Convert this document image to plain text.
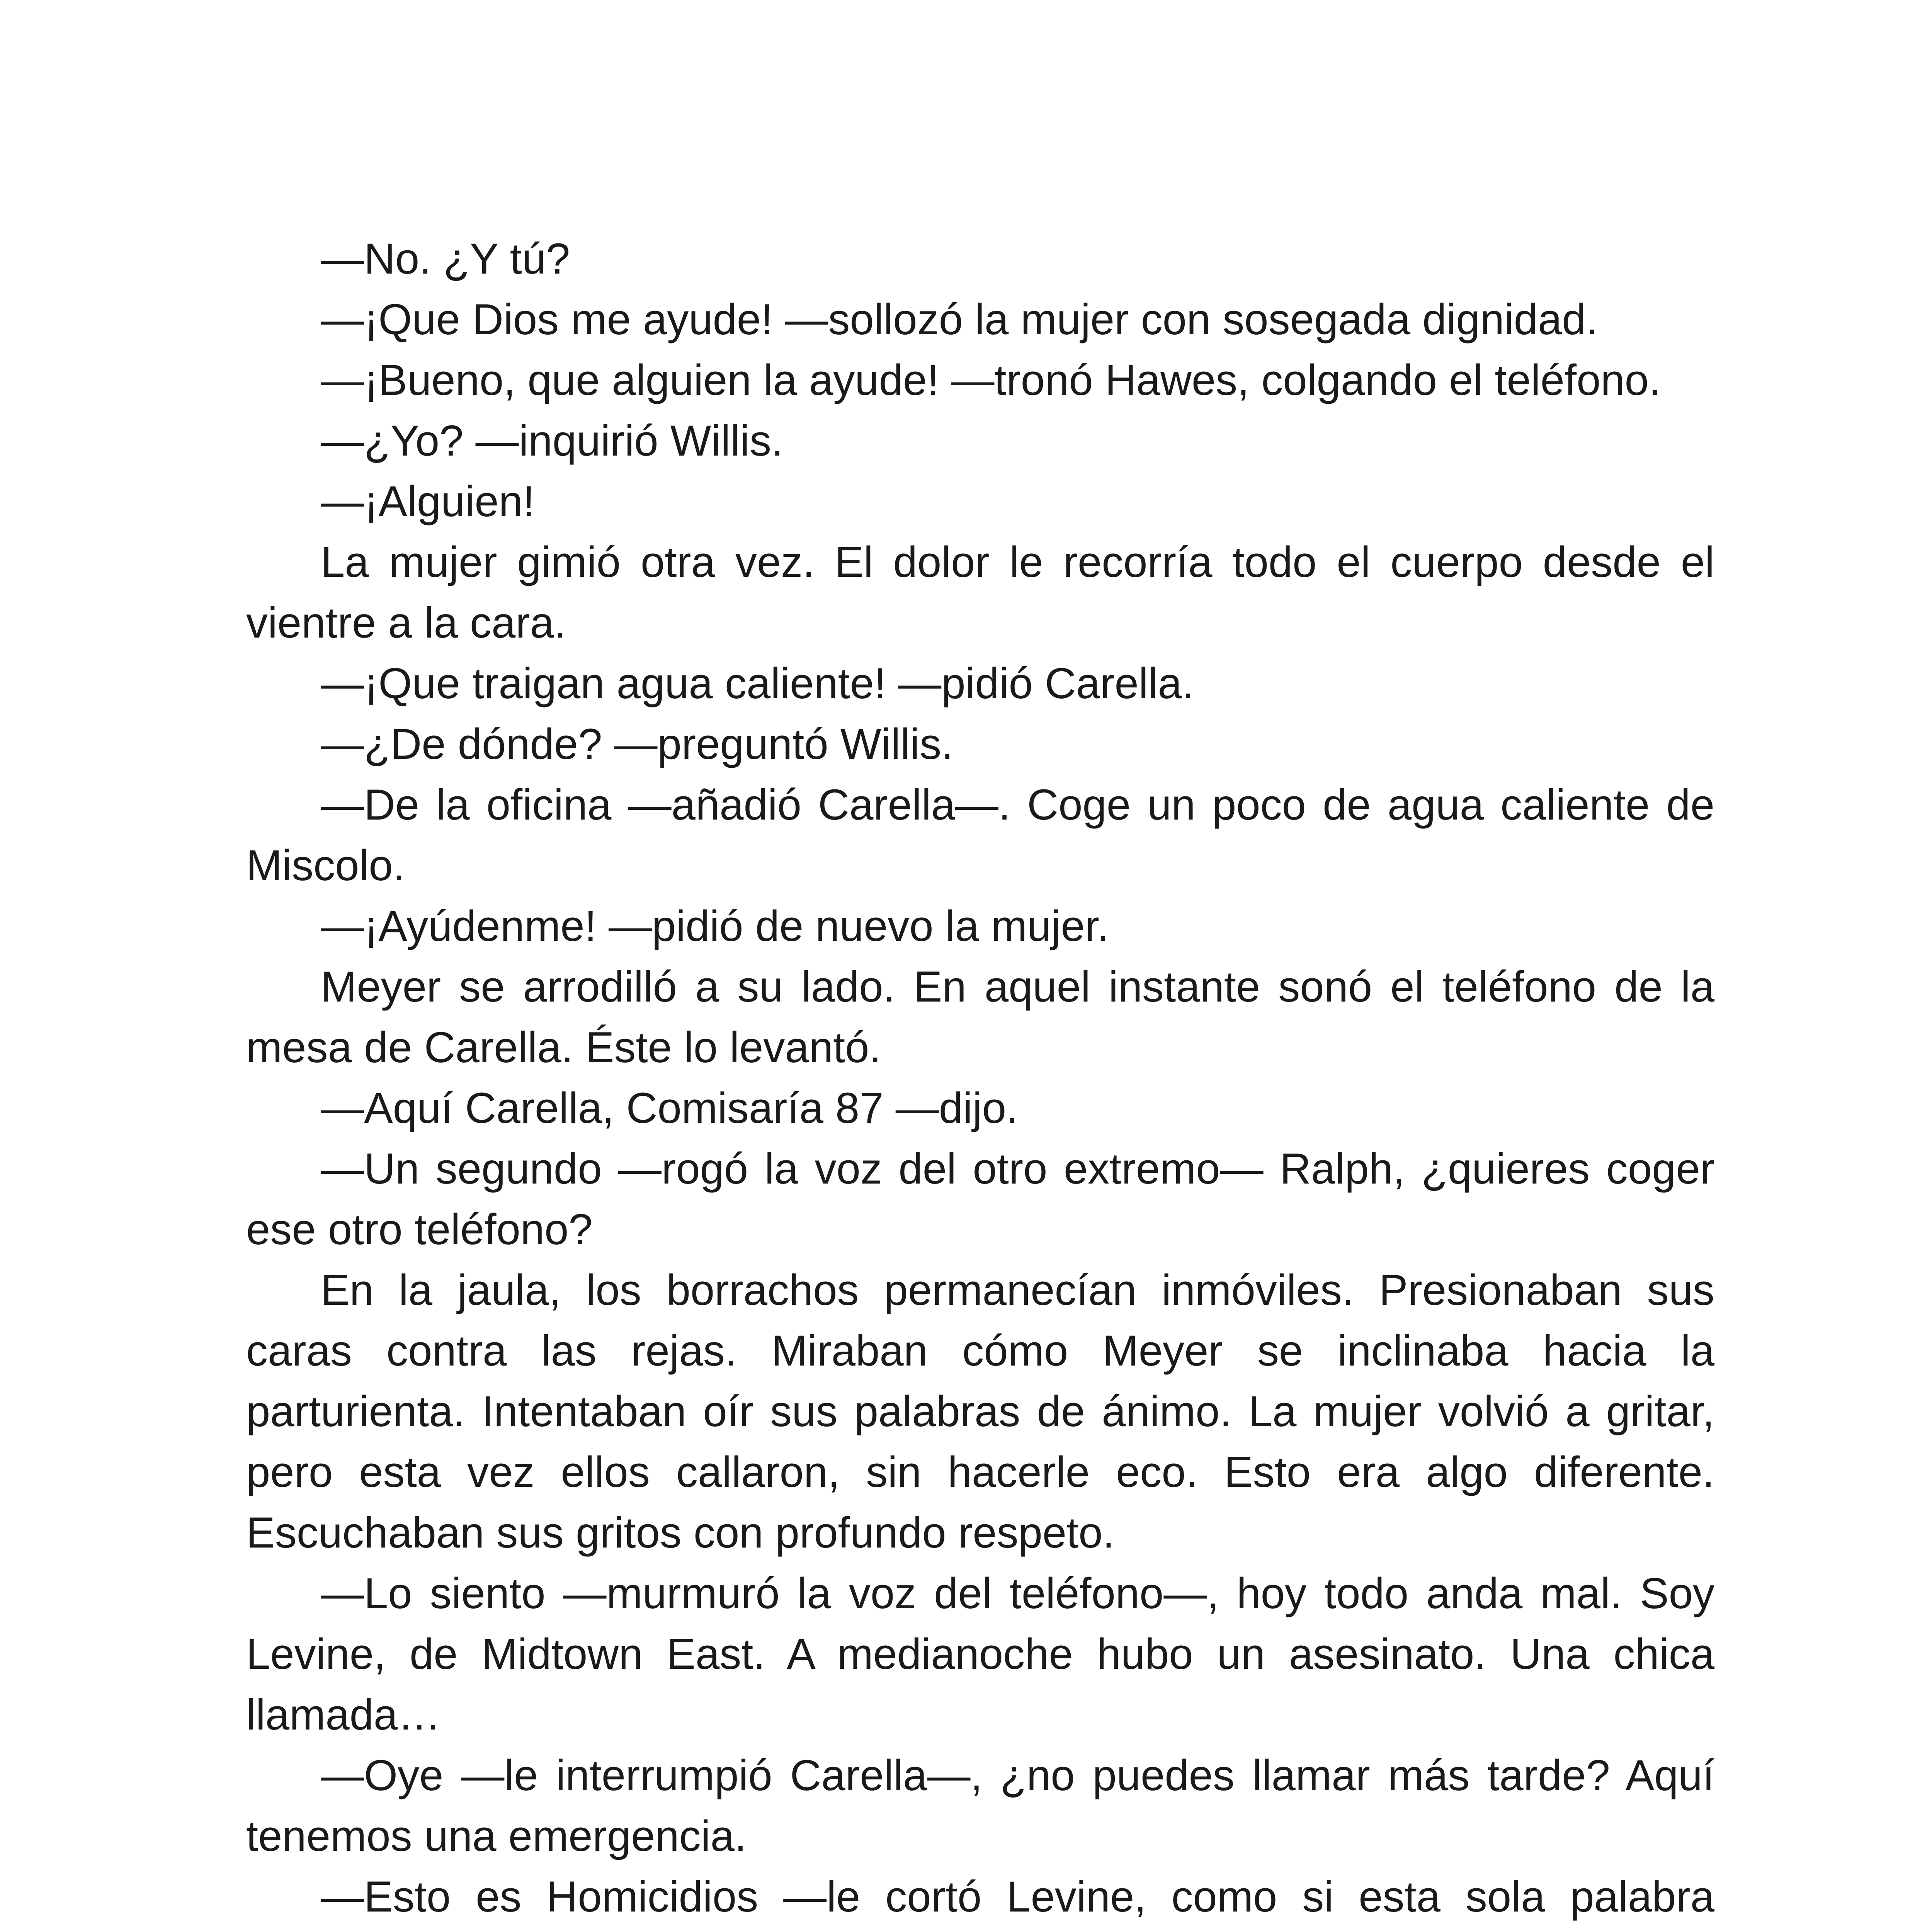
—No. ¿Y tú?

—¡Que Dios me ayude! —sollozó la mujer con sosegada dignidad.

—¡Bueno, que alguien la ayude! —tronó Hawes, colgando el teléfono.

—¿Yo? —inquirió Willis.

—¡Alguien!

La mujer gimió otra vez. El dolor le recorría todo el cuerpo desde el vientre a la cara.

—¡Que traigan agua caliente! —pidió Carella.

—¿De dónde? —preguntó Willis.

—De la oficina —añadió Carella—. Coge un poco de agua caliente de Miscolo.

—¡Ayúdenme! —pidió de nuevo la mujer.

Meyer se arrodilló a su lado. En aquel instante sonó el teléfono de la mesa de Carella. Éste lo levantó.

—Aquí Carella, Comisaría 87 —dijo.

—Un segundo —rogó la voz del otro extremo— Ralph, ¿quieres coger ese otro teléfono?

En la jaula, los borrachos permanecían inmóviles. Presionaban sus caras contra las rejas. Miraban cómo Meyer se inclinaba hacia la parturienta. Intentaban oír sus palabras de ánimo. La mujer volvió a gritar, pero esta vez ellos callaron, sin hacerle eco. Esto era algo diferente. Escuchaban sus gritos con profundo respeto.

—Lo siento —murmuró la voz del teléfono—, hoy todo anda mal. Soy Levine, de Midtown East. A medianoche hubo un asesinato. Una chica llamada…

—Oye —le interrumpió Carella—, ¿no puedes llamar más tarde? Aquí tenemos una emergencia.

—Esto es Homicidios —le cortó Levine, como si esta sola palabra
